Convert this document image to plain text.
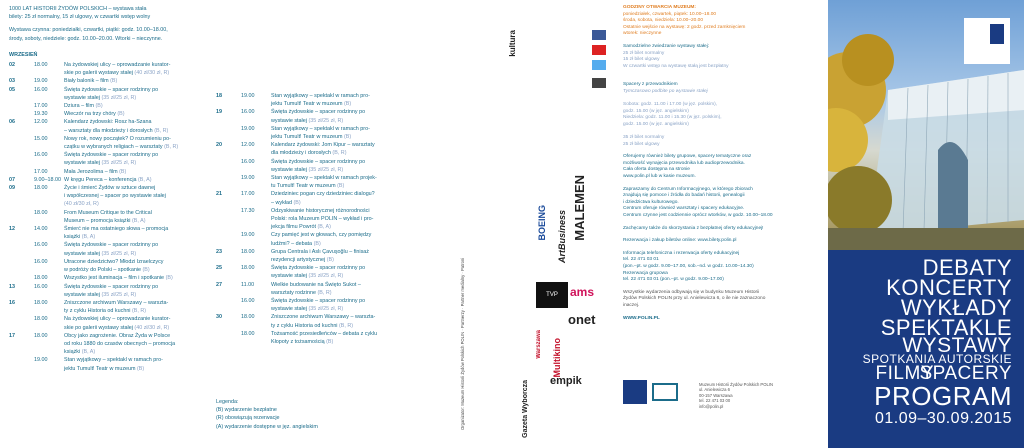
1000 LAT HISTORII ŻYDÓW POLSKICH – wystawa stała
bilety: 25 zł normalny, 15 zł ulgowy, w czwartki wstęp wolny
Wystawa czynna: poniedziałki, czwartki, piątki: godz. 10.00–18.00,
środy, soboty, niedziele: godz. 10.00–20.00. Wtorki – nieczynne.
WRZESIEŃ
02	18.00	Na żydowskiej ulicy – oprowadzanie kurator-
skie po galerii wystawy stałej (40 zł/30 zł, R)
03	19.00	Biały balonik – film (B)
05	16.00	Święta żydowskie – spacer rodzinny po
wystawie stałej (35 zł/25 zł, R)
17.00	Dziura – film (B)
19.30	Wieczór na trzy chóry (B)
06	12.00	Kalendarz żydowski: Rosz ha-Szana
– warsztaty dla młodzieży i dorosłych (B, R)
15.00	Nowy rok, nowy początek? O rozumieniu po-
czątku w wybranych religiach – warsztaty (B, R)
16.00	Święta żydowskie – spacer rodzinny po
wystawie stałej (35 zł/25 zł, R)
17.00	Mała Jerozolima – film (B)
07	9.00–18.00 W kręgu Pereca – konferencja (B, A)
09	18.00	Życie i śmierć Żydów w sztuce dawnej
i współczesnej – spacer po wystawie stałej
(40 zł/30 zł, R)
18.00	From Museum Critique to the Critical
Museum – promocja książki (B, A)
12	14.00	Śmierć nie ma ostatniego słowa – promocja
książki (B, A)
16.00	Święta żydowskie – spacer rodzinny po
wystawie stałej (35 zł/25 zł, R)
16.00	Utracone dziedzictwo? Młodzi Izraelczycy
w podróży do Polski – spotkanie (B)
18.00	Wszystko jest iluminacja – film i spotkanie (B)
13	16.00	Święta żydowskie – spacer rodzinny po
wystawie stałej (35 zł/25 zł, R)
16	18.00	Zniszczone archiwum Warszawy – warszta-
ty z cyklu Historia od kuchni (B, R)
18.00	Na żydowskiej ulicy – oprowadzanie kurator-
skie po galerii wystawy stałej (40 zł/30 zł, R)
17	18.00	Obcy jako zagrożenie. Obraz Żyda w Polsce
od roku 1880 do czasów obecnych – promocja
książki (B, A)
19.00	Stan wyjątkowy – spektakl w ramach pro-
jektu Tumult! Teatr w muzeum (B)
18	19.00	Stan wyjątkowy – spektakl w ramach pro-
jektu Tumult! Teatr w muzeum (B)
19	16.00	Święta żydowskie – spacer rodzinny po
wystawie stałej (35 zł/25 zł, R)
19.00	Stan wyjątkowy – spektakl w ramach pro-
jektu Tumult! Teatr w muzeum (B)
20	12.00	Kalendarz żydowski: Jom Kipur – warsztaty
dla młodzieży i dorosłych (B, R)
16.00	Święta żydowskie – spacer rodzinny po
wystawie stałej (35 zł/25 zł, R)
19.00	Stan wyjątkowy – spektakl w ramach projek-
tu Tumult! Teatr w muzeum (B)
21	17.00	Dziedziniec pogan czy dziedziniec dialogu?
– wykład (B)
17.30	Odzyskiwanie historycznej różnorodności
Polski: rola Muzeum POLIN – wykład i pro-
jekcja filmu Powrót (B, A)
19.00	Czy pamięć jest w głowach, czy pomiędzy
ludźmi? – debata (B)
23	18.00	Grupa Centrala i Aslı Çavuşoğlu – finisaż
rezydencji artystycznej (B)
25	18.00	Święta żydowskie – spacer rodzinny po
wystawie stałej (35 zł/25 zł, R)
27	11.00	Wielkie budowanie na Święto Sukot –
warsztaty rodzinne (B, R)
16.00	Święta żydowskie – spacer rodzinny po
wystawie stałej (35 zł/25 zł, R)
30	18.00	Zniszczone archiwum Warszawy – warszta-
ty z cyklu Historia od kuchni (B, R)
18.00	Tożsamość przesiedleńców – debata z cyklu
Kłopoty z tożsamością (B)
Legenda:
(B) wydarzenie bezpłatne
(R) obowiązują rezerwacje
(A) wydarzenie dostępne w jęz. angielskim	Organizator: Muzeum Historii Żydów Polskich POLIN · Partnerzy · Partner medialny · Patroni
kultura
BOEING ArtBusiness MALEMEN
ams
onet
empik
Multikino
TVP
Gazeta Wyborcza
Warszawa

GODZINY OTWARCIA MUZEUM:
poniedziałek, czwartek, piątek: 10.00–18.00
środa, sobota, niedziela: 10.00–20.00
Ostatnie wejście na wystawę: 2 godz. przed zamknięciem
wtorek: nieczynne

Samodzielne zwiedzanie wystawy stałej:
25 zł bilet normalny
15 zł bilet ulgowy
W czwartki wstęp na wystawę stałą jest bezpłatny

Spacery z przewodnikiem
Tymczasowo podbite po wystawie stałej

Sobota: godz. 11.00 i 17.00 (w jęz. polskim),
godz. 15.00 (w jęz. angielskim)
Niedziela: godz. 11.00 i 15.30 (w jęz. polskim),
godz. 15.00 (w jęz. angielskim)

35 zł bilet normalny
25 zł bilet ulgowy

Oferujemy również bilety grupowe, spacery tematyczne oraz
możliwość wynajęcia przewodnika lub audioprzewodnika.
Cała oferta dostępna na stronie
www.polin.pl lub w kasie muzeum.

Zapraszamy do Centrum Informacyjnego, w którego zbiorach
znajdują się pomoce i źródła do badań historii, genealogii
i dziedzictwa kulturowego.
Centrum oferuje również warsztaty i spacery edukacyjne.
Centrum czynne jest codziennie oprócz wtorków, w godz. 10.00–18.00

Zachęcamy także do skorzystania z bezpłatnej oferty edukacyjnej!

Rezerwacja i zakup biletów online: www.bilety.polin.pl

Informacja telefoniczna i rezerwacja oferty edukacyjnej
tel. 22 471 03 01
(pon.–pt. w godz. 9.00–17.00, sob.–nd. w godz. 10.00–14.30)
Rezerwacja grupowa
tel. 22 471 03 01 (pon.–pt. w godz. 9.00–17.00)

Wszystkie wydarzenia odbywają się w budynku Muzeum Historii
Żydów Polskich POLIN przy ul. Anielewicza 6, o ile nie zaznaczono
inaczej.

WWW.POLIN.PL

Muzeum Historii Żydów Polskich POLIN
ul. Anielewicza 6
00-157 Warszawa
tel. 22 471 03 00
info@polin.pl
DEBATY
KONCERTY
WYKŁADY
SPEKTAKLE
WYSTAWY
SPOTKANIA AUTORSKIE
FILMY
SPACERY
PROGRAM
01.09–30.09.2015
